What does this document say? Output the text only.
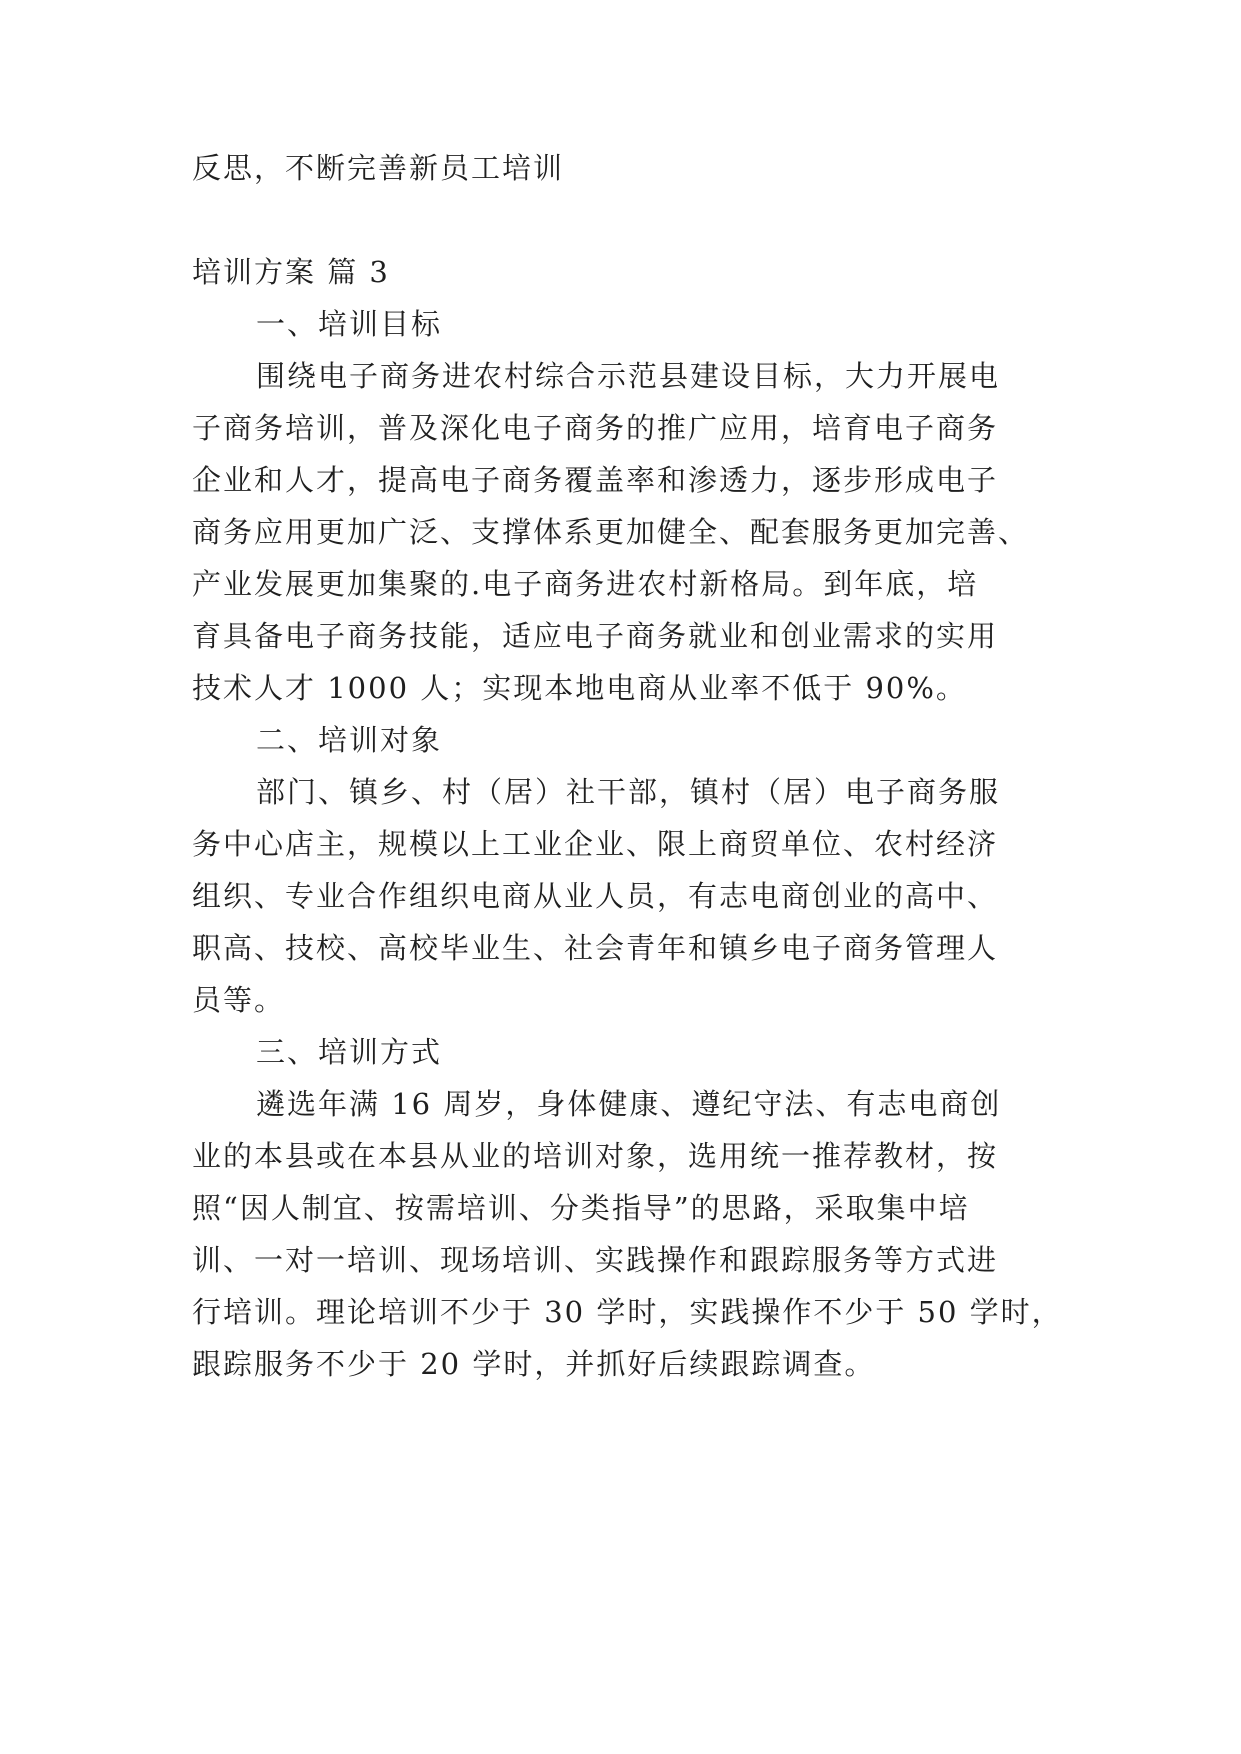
反思，不断完善新员工培训
培训方案 篇 3
一、培训目标
围绕电子商务进农村综合示范县建设目标，大力开展电
子商务培训，普及深化电子商务的推广应用，培育电子商务
企业和人才，提高电子商务覆盖率和渗透力，逐步形成电子
商务应用更加广泛、支撑体系更加健全、配套服务更加完善、
产业发展更加集聚的.电子商务进农村新格局。到年底，培
育具备电子商务技能，适应电子商务就业和创业需求的实用
技术人才 1000 人；实现本地电商从业率不低于 90%。
二、培训对象
部门、镇乡、村（居）社干部，镇村（居）电子商务服
务中心店主，规模以上工业企业、限上商贸单位、农村经济
组织、专业合作组织电商从业人员，有志电商创业的高中、
职高、技校、高校毕业生、社会青年和镇乡电子商务管理人
员等。
三、培训方式
遴选年满 16 周岁，身体健康、遵纪守法、有志电商创
业的本县或在本县从业的培训对象，选用统一推荐教材，按
照“因人制宜、按需培训、分类指导”的思路，采取集中培
训、一对一培训、现场培训、实践操作和跟踪服务等方式进
行培训。理论培训不少于 30 学时，实践操作不少于 50 学时，
跟踪服务不少于 20 学时，并抓好后续跟踪调查。
